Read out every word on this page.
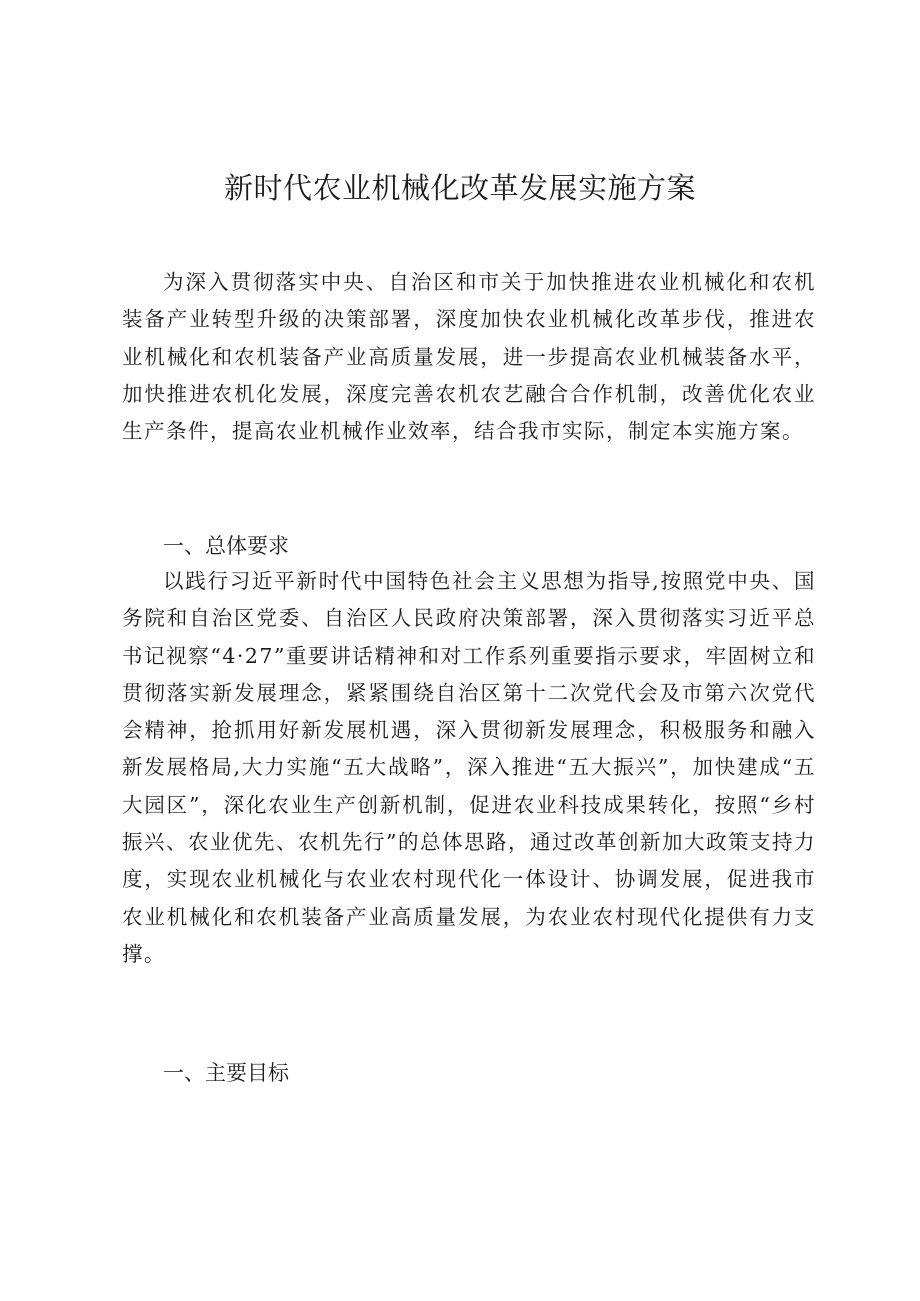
新时代农业机械化改革发展实施方案

为深入贯彻落实中央、自治区和市关于加快推进农业机械化和农机装备产业转型升级的决策部署，深度加快农业机械化改革步伐，推进农业机械化和农机装备产业高质量发展，进一步提高农业机械装备水平，加快推进农机化发展，深度完善农机农艺融合合作机制，改善优化农业生产条件，提高农业机械作业效率，结合我市实际，制定本实施方案。

一、总体要求

以践行习近平新时代中国特色社会主义思想为指导,按照党中央、国务院和自治区党委、自治区人民政府决策部署，深入贯彻落实习近平总书记视察“4·27”重要讲话精神和对工作系列重要指示要求，牢固树立和贯彻落实新发展理念，紧紧围绕自治区第十二次党代会及市第六次党代会精神，抢抓用好新发展机遇，深入贯彻新发展理念，积极服务和融入新发展格局,大力实施“五大战略”，深入推进“五大振兴”，加快建成“五大园区”，深化农业生产创新机制，促进农业科技成果转化，按照“乡村振兴、农业优先、农机先行”的总体思路，通过改革创新加大政策支持力度，实现农业机械化与农业农村现代化一体设计、协调发展，促进我市农业机械化和农机装备产业高质量发展，为农业农村现代化提供有力支撑。

一、主要目标
